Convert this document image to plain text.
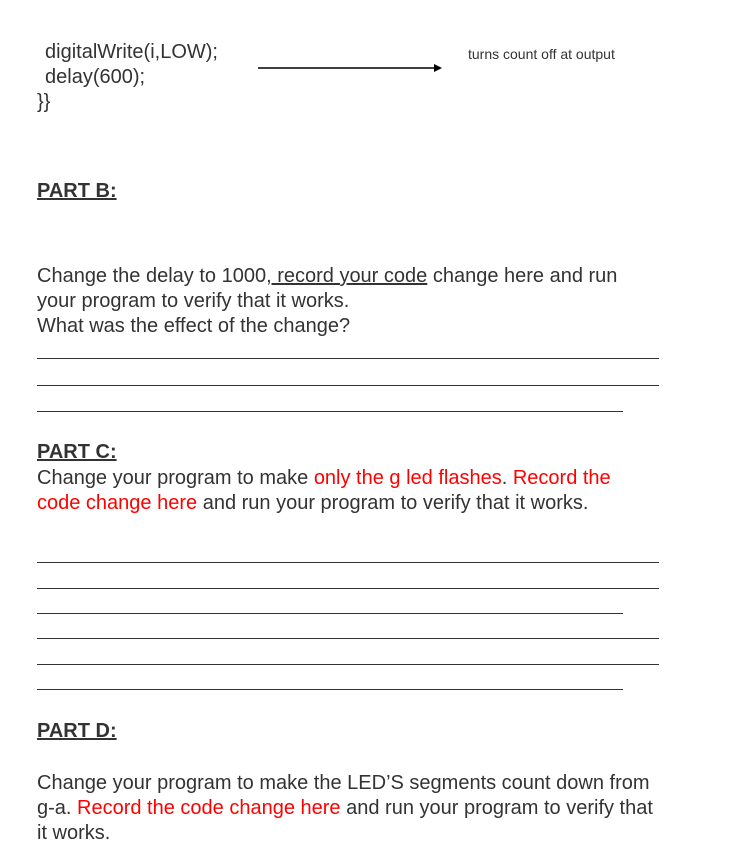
digitalWrite(i,LOW);
delay(600);
}}
turns count off at output
PART B:
Change the delay to 1000, record your code change here and run your program to verify that it works.
What was the effect of the change?
PART C:
Change your program to make only the g led flashes. Record the code change here and run your program to verify that it works.
PART D:
Change your program to make the LED’S segments count down from g-a. Record the code change here and run your program to verify that it works.
